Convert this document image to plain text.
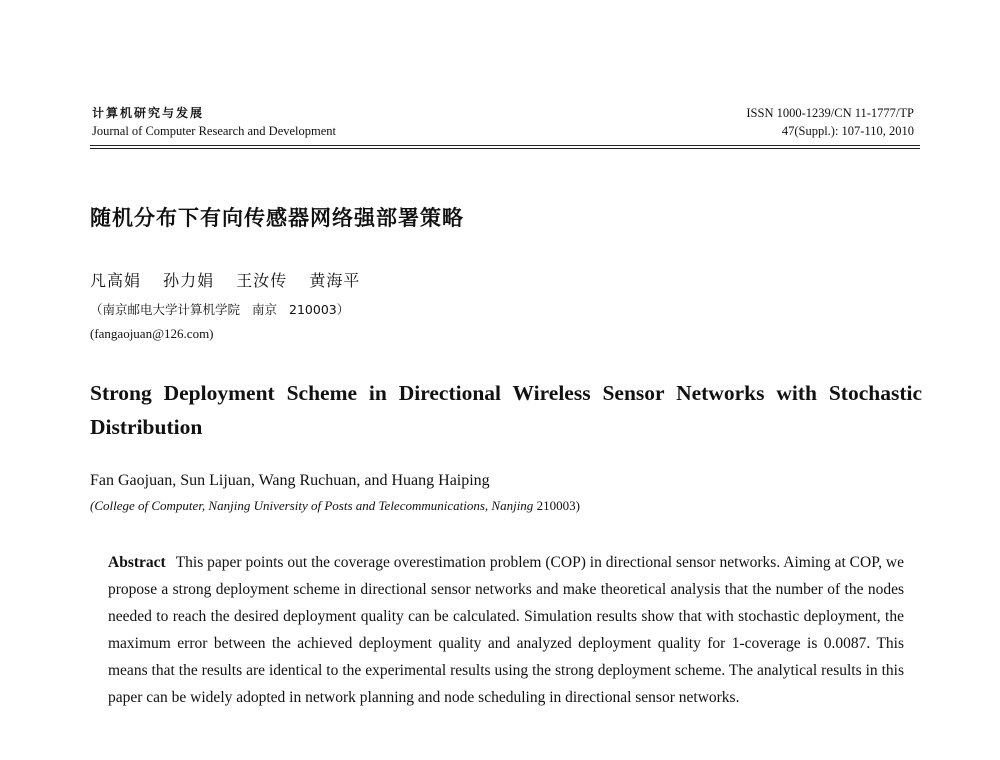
计算机研究与发展
Journal of Computer Research and Development
ISSN 1000-1239/CN 11-1777/TP
47(Suppl.): 107-110, 2010
随机分布下有向传感器网络强部署策略
凡高娟 孙力娟 王汝传 黄海平
（南京邮电大学计算机学院 南京 210003）
(fangaojuan@126.com)
Strong Deployment Scheme in Directional Wireless Sensor Networks with Stochastic Distribution
Fan Gaojuan, Sun Lijuan, Wang Ruchuan, and Huang Haiping
(College of Computer, Nanjing University of Posts and Telecommunications, Nanjing 210003)
Abstract This paper points out the coverage overestimation problem (COP) in directional sensor networks. Aiming at COP, we propose a strong deployment scheme in directional sensor networks and make theoretical analysis that the number of the nodes needed to reach the desired deployment quality can be calculated. Simulation results show that with stochastic deployment, the maximum error between the achieved deployment quality and analyzed deployment quality for 1-coverage is 0.0087. This means that the results are identical to the experimental results using the strong deployment scheme. The analytical results in this paper can be widely adopted in network planning and node scheduling in directional sensor networks.
